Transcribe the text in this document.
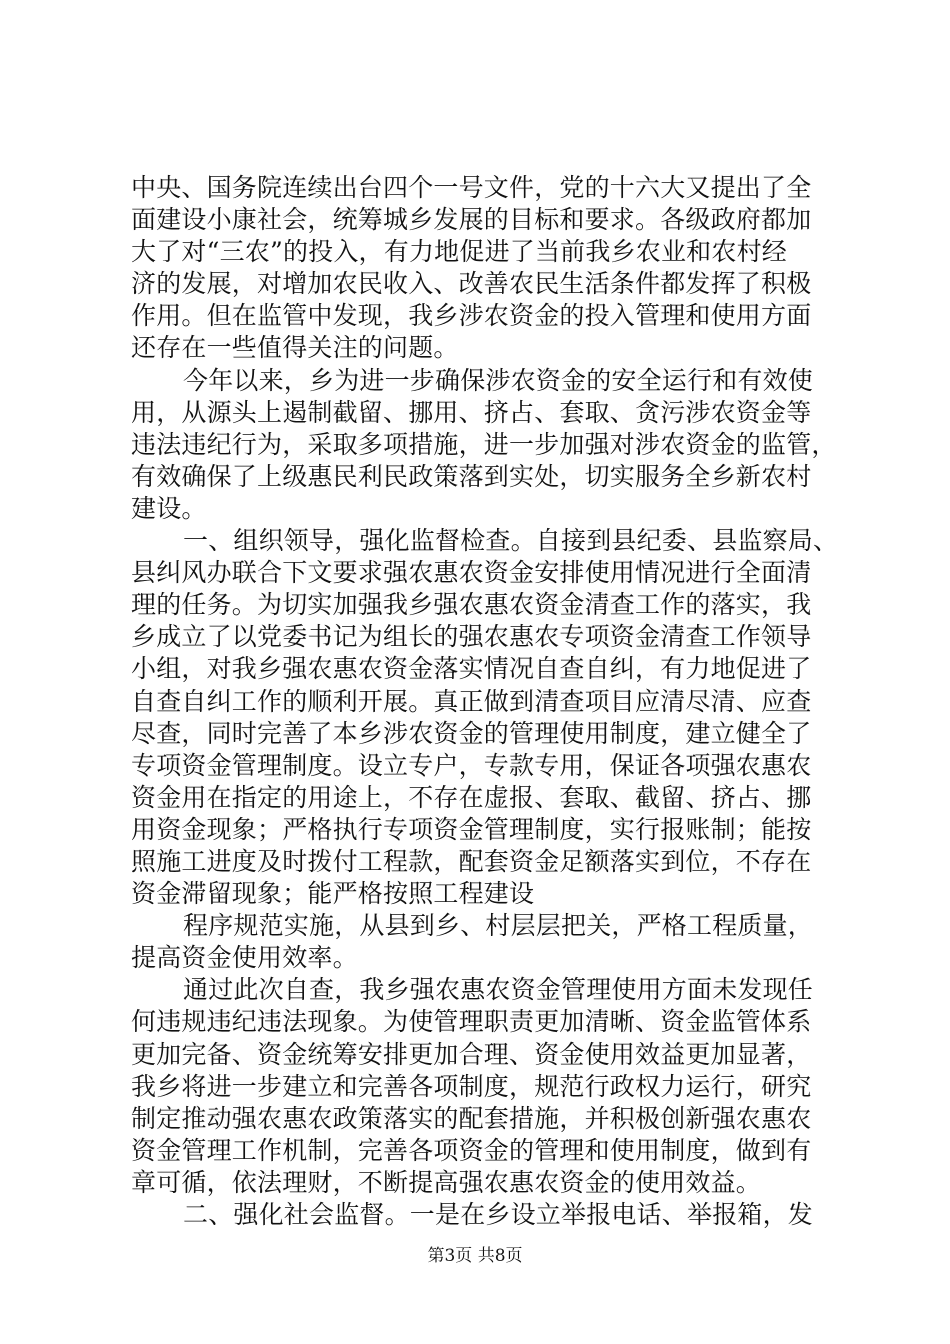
中央、国务院连续出台四个一号文件，党的十六大又提出了全
面建设小康社会，统筹城乡发展的目标和要求。各级政府都加
大了对“三农”的投入，有力地促进了当前我乡农业和农村经
济的发展，对增加农民收入、改善农民生活条件都发挥了积极
作用。但在监管中发现，我乡涉农资金的投入管理和使用方面
还存在一些值得关注的问题。
今年以来，乡为进一步确保涉农资金的安全运行和有效使
用，从源头上遏制截留、挪用、挤占、套取、贪污涉农资金等
违法违纪行为，采取多项措施，进一步加强对涉农资金的监管，
有效确保了上级惠民利民政策落到实处，切实服务全乡新农村
建设。
一、组织领导，强化监督检查。自接到县纪委、县监察局、
县纠风办联合下文要求强农惠农资金安排使用情况进行全面清
理的任务。为切实加强我乡强农惠农资金清查工作的落实，我
乡成立了以党委书记为组长的强农惠农专项资金清查工作领导
小组，对我乡强农惠农资金落实情况自查自纠，有力地促进了
自查自纠工作的顺利开展。真正做到清查项目应清尽清、应查
尽查，同时完善了本乡涉农资金的管理使用制度，建立健全了
专项资金管理制度。设立专户，专款专用，保证各项强农惠农
资金用在指定的用途上，不存在虚报、套取、截留、挤占、挪
用资金现象；严格执行专项资金管理制度，实行报账制；能按
照施工进度及时拨付工程款，配套资金足额落实到位，不存在
资金滞留现象；能严格按照工程建设
程序规范实施，从县到乡、村层层把关，严格工程质量，
提高资金使用效率。
通过此次自查，我乡强农惠农资金管理使用方面未发现任
何违规违纪违法现象。为使管理职责更加清晰、资金监管体系
更加完备、资金统筹安排更加合理、资金使用效益更加显著，
我乡将进一步建立和完善各项制度，规范行政权力运行，研究
制定推动强农惠农政策落实的配套措施，并积极创新强农惠农
资金管理工作机制，完善各项资金的管理和使用制度，做到有
章可循，依法理财，不断提高强农惠农资金的使用效益。
二、强化社会监督。一是在乡设立举报电话、举报箱，发
第3页 共8页
